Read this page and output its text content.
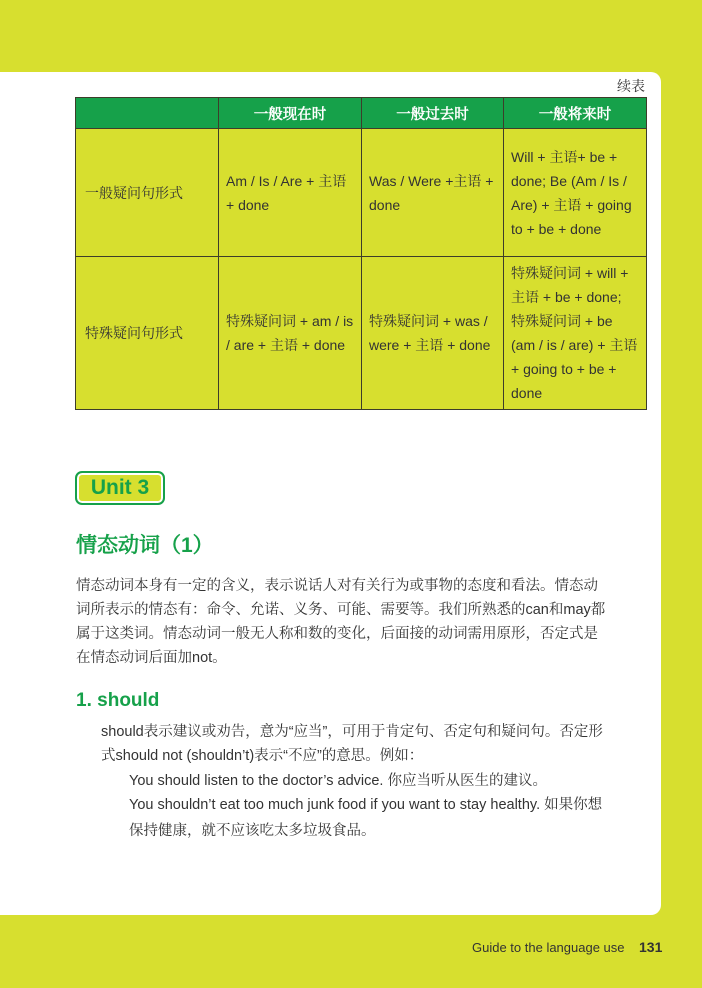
续表
	一般现在时	一般过去时	一般将来时
一般疑问句形式	Am / Is / Are + 主语 + done	Was / Were +主语 + done	Will + 主语+ be + done; Be (Am / Is / Are) + 主语 + going to + be + done
特殊疑问句形式	特殊疑问词 + am / is / are + 主语 + done	特殊疑问词 + was / were + 主语 + done	特殊疑问词 + will + 主语 + be + done; 特殊疑问词 + be (am / is / are) + 主语 + going to + be + done
Unit 3
情态动词（1）

情态动词本身有一定的含义，表示说话人对有关行为或事物的态度和看法。情态动词所表示的情态有：命令、允诺、义务、可能、需要等。我们所熟悉的can和may都属于这类词。情态动词一般无人称和数的变化，后面接的动词需用原形，否定式是在情态动词后面加not。

1. should

should表示建议或劝告，意为“应当”，可用于肯定句、否定句和疑问句。否定形式should not (shouldn’t)表示“不应”的意思。例如：

You should listen to the doctor’s advice. 你应当听从医生的建议。

You shouldn’t eat too much junk food if you want to stay healthy. 如果你想保持健康，就不应该吃太多垃圾食品。

Guide to the language use 131
